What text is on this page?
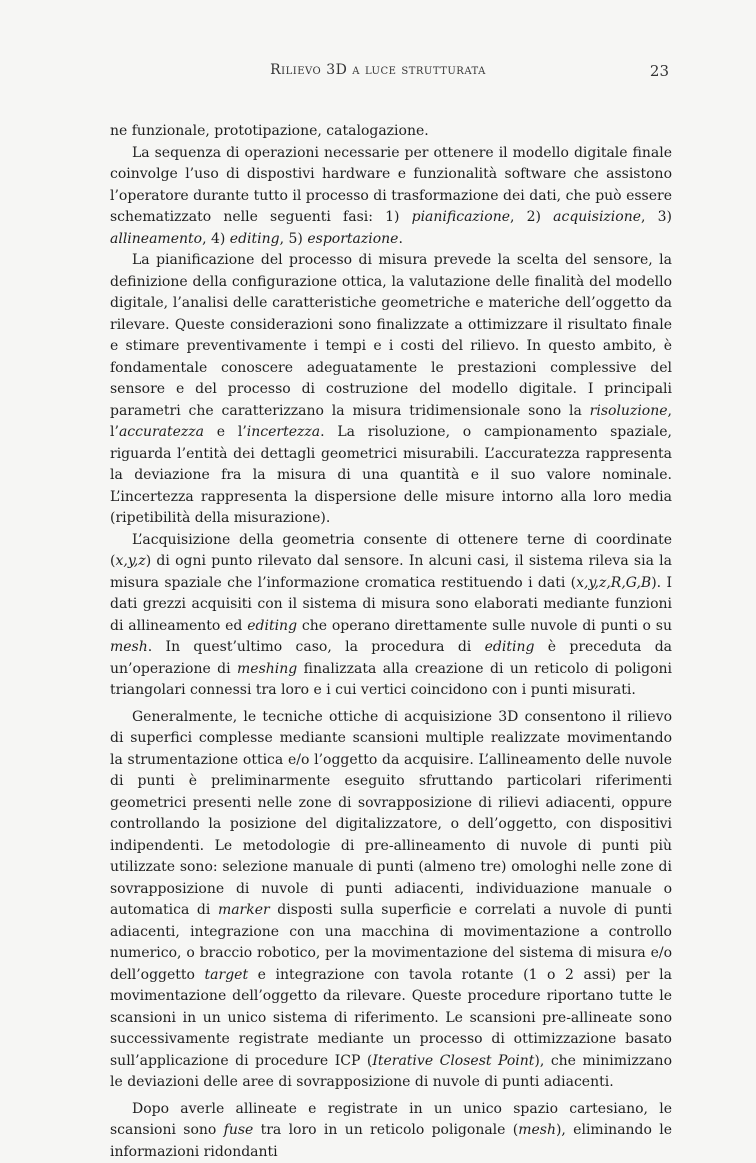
Rilievo 3D a luce strutturata	23

ne funzionale, prototipazione, catalogazione.

La sequenza di operazioni necessarie per ottenere il modello digitale finale coinvolge l’uso di dispostivi hardware e funzionalità software che assistono l’operatore durante tutto il processo di trasformazione dei dati, che può essere schematizzato nelle seguenti fasi: 1) pianificazione, 2) acquisizione, 3) allineamento, 4) editing, 5) esportazione.

La pianificazione del processo di misura prevede la scelta del sensore, la definizione della configurazione ottica, la valutazione delle finalità del modello digitale, l’analisi delle caratteristiche geometriche e materiche dell’oggetto da rilevare. Queste considerazioni sono finalizzate a ottimizzare il risultato finale e stimare preventivamente i tempi e i costi del rilievo. In questo ambito, è fondamentale conoscere adeguatamente le prestazioni complessive del sensore e del processo di costruzione del modello digitale. I principali parametri che caratterizzano la misura tridimensionale sono la risoluzione, l’accuratezza e l’incertezza. La risoluzione, o campionamento spaziale, riguarda l’entità dei dettagli geometrici misurabili. L’accuratezza rappresenta la deviazione fra la misura di una quantità e il suo valore nominale. L’incertezza rappresenta la dispersione delle misure intorno alla loro media (ripetibilità della misurazione).

L’acquisizione della geometria consente di ottenere terne di coordinate (x,y,z) di ogni punto rilevato dal sensore. In alcuni casi, il sistema rileva sia la misura spaziale che l’informazione cromatica restituendo i dati (x,y,z,R,G,B). I dati grezzi acquisiti con il sistema di misura sono elaborati mediante funzioni di allineamento ed editing che operano direttamente sulle nuvole di punti o su mesh. In quest’ultimo caso, la procedura di editing è preceduta da un’operazione di meshing finalizzata alla creazione di un reticolo di poligoni triangolari connessi tra loro e i cui vertici coincidono con i punti misurati.

Generalmente, le tecniche ottiche di acquisizione 3D consentono il rilievo di superfici complesse mediante scansioni multiple realizzate movimentando la strumentazione ottica e/o l’oggetto da acquisire. L’allineamento delle nuvole di punti è preliminarmente eseguito sfruttando particolari riferimenti geometrici presenti nelle zone di sovrapposizione di rilievi adiacenti, oppure controllando la posizione del digitalizzatore, o dell’oggetto, con dispositivi indipendenti. Le metodologie di pre-allineamento di nuvole di punti più utilizzate sono: selezione manuale di punti (almeno tre) omologhi nelle zone di sovrapposizione di nuvole di punti adiacenti, individuazione manuale o automatica di marker disposti sulla superficie e correlati a nuvole di punti adiacenti, integrazione con una macchina di movimentazione a controllo numerico, o braccio robotico, per la movimentazione del sistema di misura e/o dell’oggetto target e integrazione con tavola rotante (1 o 2 assi) per la movimentazione dell’oggetto da rilevare. Queste procedure riportano tutte le scansioni in un unico sistema di riferimento. Le scansioni pre-allineate sono successivamente registrate mediante un processo di ottimizzazione basato sull’applicazione di procedure ICP (Iterative Closest Point), che minimizzano le deviazioni delle aree di sovrapposizione di nuvole di punti adiacenti.

Dopo averle allineate e registrate in un unico spazio cartesiano, le scansioni sono fuse tra loro in un reticolo poligonale (mesh), eliminando le informazioni ridondanti
